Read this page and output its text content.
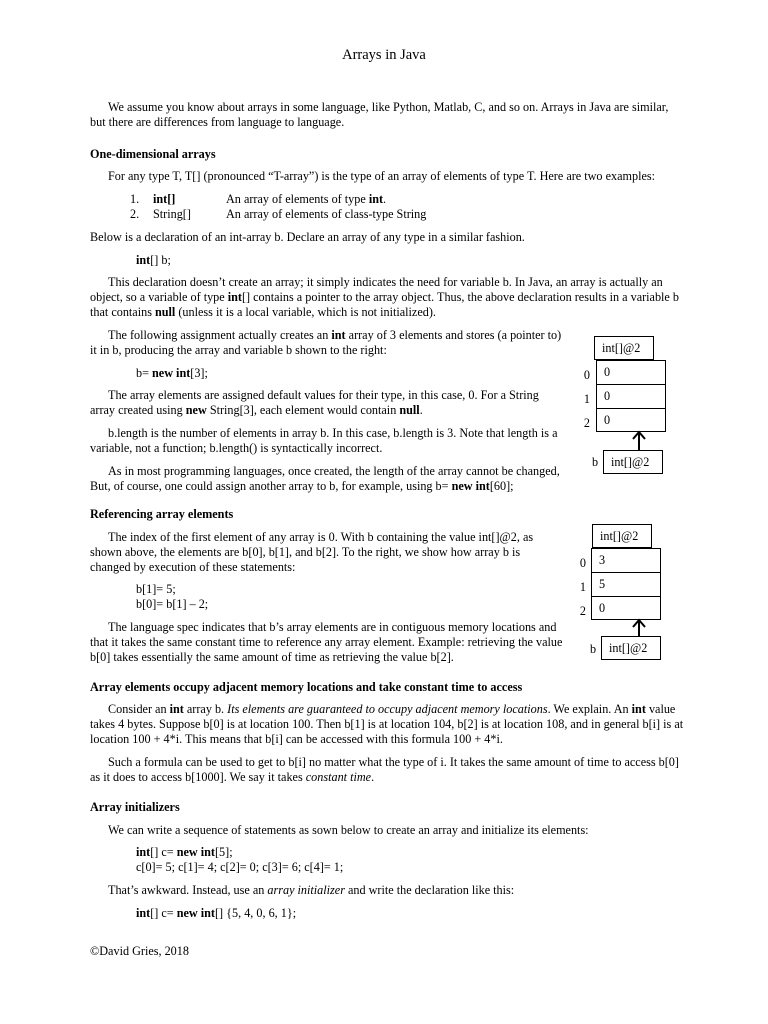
Arrays in Java

We assume you know about arrays in some language, like Python, Matlab, C, and so on. Arrays in Java are similar, but there are differences from language to language.

One-dimensional arrays

For any type T, T[] (pronounced “T-array”) is the type of an array of elements of type T. Here are two examples:

1. int[]	An array of elements of type int.
2. String[]	An array of elements of class-type String

Below is a declaration of an int-array b. Declare an array of any type in a similar fashion.

int[] b;

This declaration doesn’t create an array; it simply indicates the need for variable b. In Java, an array is actually an object, so a variable of type int[] contains a pointer to the array object. Thus, the above declaration results in a variable b that contains null (unless it is a local variable, which is not initialized).

The following assignment actually creates an int array of 3 elements and stores (a pointer to) it in b, producing the array and variable b shown to the right:

b= new int[3];

The array elements are assigned default values for their type, in this case, 0. For a String array created using new String[3], each element would contain null.

b.length is the number of elements in array b. In this case, b.length is 3. Note that length is a variable, not a function; b.length() is syntactically incorrect.

As in most programming languages, once created, the length of the array cannot be changed, But, of course, one could assign another array to b, for example, using b= new int[60];

int[]@2
0
1
2
0
0
0
b	int[]@2

Referencing array elements

The index of the first element of any array is 0. With b containing the value int[]@2, as shown above, the elements are b[0], b[1], and b[2]. To the right, we show how array b is changed by execution of these statements:

b[1]= 5;

b[0]= b[1] – 2;

The language spec indicates that b’s array elements are in contiguous memory locations and that it takes the same constant time to reference any array element. Example: retrieving the value b[0] takes essentially the same amount of time as retrieving the value b[2].

int[]@2
0
1
2
3
5
0
b	int[]@2

Array elements occupy adjacent memory locations and take constant time to access

Consider an int array b. Its elements are guaranteed to occupy adjacent memory locations. We explain. An int value takes 4 bytes. Suppose b[0] is at location 100. Then b[1] is at location 104, b[2] is at location 108, and in general b[i] is at location 100 + 4*i. This means that b[i] can be accessed with this formula 100 + 4*i.

Such a formula can be used to get to b[i] no matter what the type of i. It takes the same amount of time to access b[0] as it does to access b[1000]. We say it takes constant time.

Array initializers

We can write a sequence of statements as sown below to create an array and initialize its elements:

int[] c= new int[5];

c[0]= 5; c[1]= 4; c[2]= 0; c[3]= 6; c[4]= 1;

That’s awkward. Instead, use an array initializer and write the declaration like this:

int[] c= new int[] {5, 4, 0, 6, 1};

©David Gries, 2018
